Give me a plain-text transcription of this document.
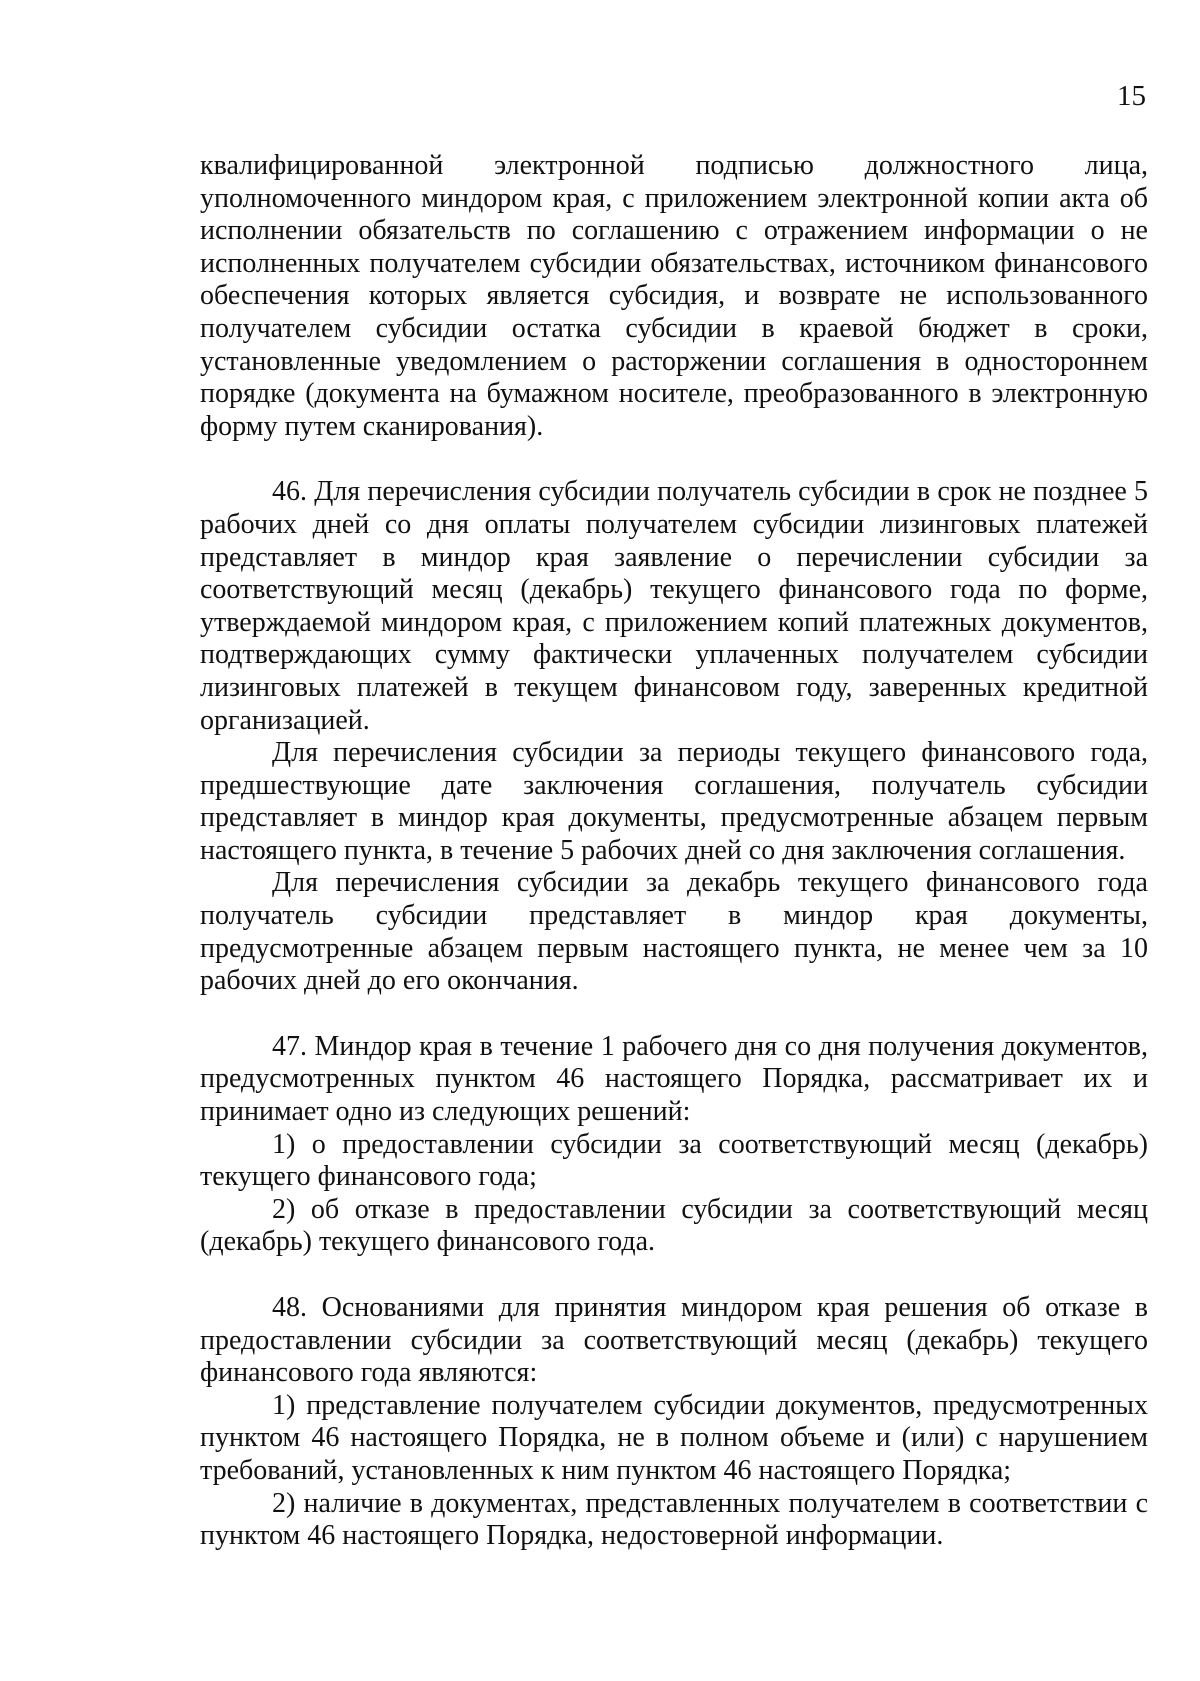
15

квалифицированной электронной подписью должностного лица, уполномоченного миндором края, с приложением электронной копии акта об исполнении обязательств по соглашению с отражением информации о не исполненных получателем субсидии обязательствах, источником финансового обеспечения которых является субсидия, и возврате не использованного получателем субсидии остатка субсидии в краевой бюджет в сроки, установленные уведомлением о расторжении соглашения в одностороннем порядке (документа на бумажном носителе, преобразованного в электронную форму путем сканирования).

46. Для перечисления субсидии получатель субсидии в срок не позднее 5 рабочих дней со дня оплаты получателем субсидии лизинговых платежей представляет в миндор края заявление о перечислении субсидии за соответствующий месяц (декабрь) текущего финансового года по форме, утверждаемой миндором края, с приложением копий платежных документов, подтверждающих сумму фактически уплаченных получателем субсидии лизинговых платежей в текущем финансовом году, заверенных кредитной организацией.

Для перечисления субсидии за периоды текущего финансового года, предшествующие дате заключения соглашения, получатель субсидии представляет в миндор края документы, предусмотренные абзацем первым настоящего пункта, в течение 5 рабочих дней со дня заключения соглашения.

Для перечисления субсидии за декабрь текущего финансового года получатель субсидии представляет в миндор края документы, предусмотренные абзацем первым настоящего пункта, не менее чем за 10 рабочих дней до его окончания.

47. Миндор края в течение 1 рабочего дня со дня получения документов, предусмотренных пунктом 46 настоящего Порядка, рассматривает их и принимает одно из следующих решений:

1) о предоставлении субсидии за соответствующий месяц (декабрь) текущего финансового года;

2) об отказе в предоставлении субсидии за соответствующий месяц (декабрь) текущего финансового года.

48. Основаниями для принятия миндором края решения об отказе в предоставлении субсидии за соответствующий месяц (декабрь) текущего финансового года являются:

1) представление получателем субсидии документов, предусмотренных пунктом 46 настоящего Порядка, не в полном объеме и (или) с нарушением требований, установленных к ним пунктом 46 настоящего Порядка;

2) наличие в документах, представленных получателем в соответствии с пунктом 46 настоящего Порядка, недостоверной информации.
